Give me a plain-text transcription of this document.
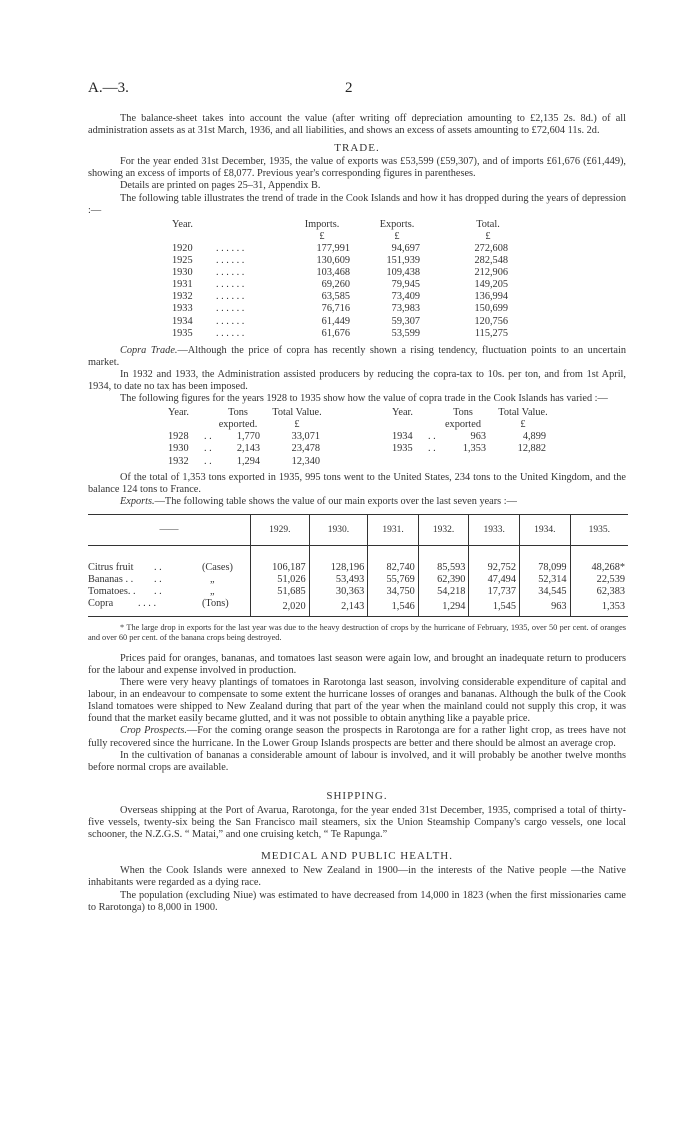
A.—3.	2

The balance-sheet takes into account the value (after writing off depreciation amounting to £2,135 2s. 8d.) of all administration assets as at 31st March, 1936, and all liabilities, and shows an excess of assets amounting to £72,604 11s. 2d.

TRADE.

For the year ended 31st December, 1935, the value of exports was £53,599 (£59,307), and of imports £61,676 (£61,449), showing an excess of imports of £8,077. Previous year's corresponding figures in parentheses.

Details are printed on pages 25–31, Appendix B.

The following table illustrates the trend of trade in the Cook Islands and how it has dropped during the years of depression :—

Year.		Imports.	Exports.	Total.
		£	£	£
1920	. . . . . .	177,991	94,697	272,608
1925	. . . . . .	130,609	151,939	282,548
1930	. . . . . .	103,468	109,438	212,906
1931	. . . . . .	69,260	79,945	149,205
1932	. . . . . .	63,585	73,409	136,994
1933	. . . . . .	76,716	73,983	150,699
1934	. . . . . .	61,449	59,307	120,756
1935	. . . . . .	61,676	53,599	115,275

Copra Trade.—Although the price of copra has recently shown a rising tendency, fluctuation points to an uncertain market.

In 1932 and 1933, the Administration assisted producers by reducing the copra-tax to 10s. per ton, and from 1st April, 1934, to date no tax has been imposed.

The following figures for the years 1928 to 1935 show how the value of copra trade in the Cook Islands has varied :—

Year.		Tons	Total Value.		Year.		Tons	Total Value.
		exported.	£				exported	£
1928	. .	1,770	33,071		1934	. .	963	4,899
1930	. .	2,143	23,478		1935	. .	1,353	12,882
1932	. .	1,294	12,340					

Of the total of 1,353 tons exported in 1935, 995 tons went to the United States, 234 tons to the United Kingdom, and the balance 124 tons to France.

Exports.—The following table shows the value of our main exports over the last seven years :—

——	1929.	1930.	1931.	1932.	1933.	1934.	1935.

Citrus fruit . . (Cases)	106,187	128,196	82,740	85,593	92,752	78,099	48,268*
Bananas . . . . „	51,026	53,493	55,769	62,390	47,494	52,314	22,539
Tomatoes. . . . „	51,685	30,363	34,750	54,218	17,737	34,545	62,383
Copra . . . . (Tons)	2,020	2,143	1,546	1,294	1,545	963	1,353

* The large drop in exports for the last year was due to the heavy destruction of crops by the hurricane of February, 1935, over 50 per cent. of oranges and over 60 per cent. of the banana crops being destroyed.

Prices paid for oranges, bananas, and tomatoes last season were again low, and brought an inadequate return to producers for the labour and expense involved in production.

There were very heavy plantings of tomatoes in Rarotonga last season, involving considerable expenditure of capital and labour, in an endeavour to compensate to some extent the hurricane losses of oranges and bananas. Although the bulk of the Cook Island tomatoes were shipped to New Zealand during that part of the year when the mainland could not supply this crop, it was found that the market easily became glutted, and it was not possible to obtain anything like a payable price.

Crop Prospects.—For the coming orange season the prospects in Rarotonga are for a rather light crop, as trees have not fully recovered since the hurricane. In the Lower Group Islands prospects are better and there should be almost an average crop.

In the cultivation of bananas a considerable amount of labour is involved, and it will probably be another twelve months before normal crops are available.

SHIPPING.

Overseas shipping at the Port of Avarua, Rarotonga, for the year ended 31st December, 1935, comprised a total of thirty-five vessels, twenty-six being the San Francisco mail steamers, six the Union Steamship Company's cargo vessels, one local schooner, the N.Z.G.S. “ Matai,” and one cruising ketch, “ Te Rapunga.”

MEDICAL AND PUBLIC HEALTH.

When the Cook Islands were annexed to New Zealand in 1900—in the interests of the Native people —the Native inhabitants were regarded as a dying race.

The population (excluding Niue) was estimated to have decreased from 14,000 in 1823 (when the first missionaries came to Rarotonga) to 8,000 in 1900.
